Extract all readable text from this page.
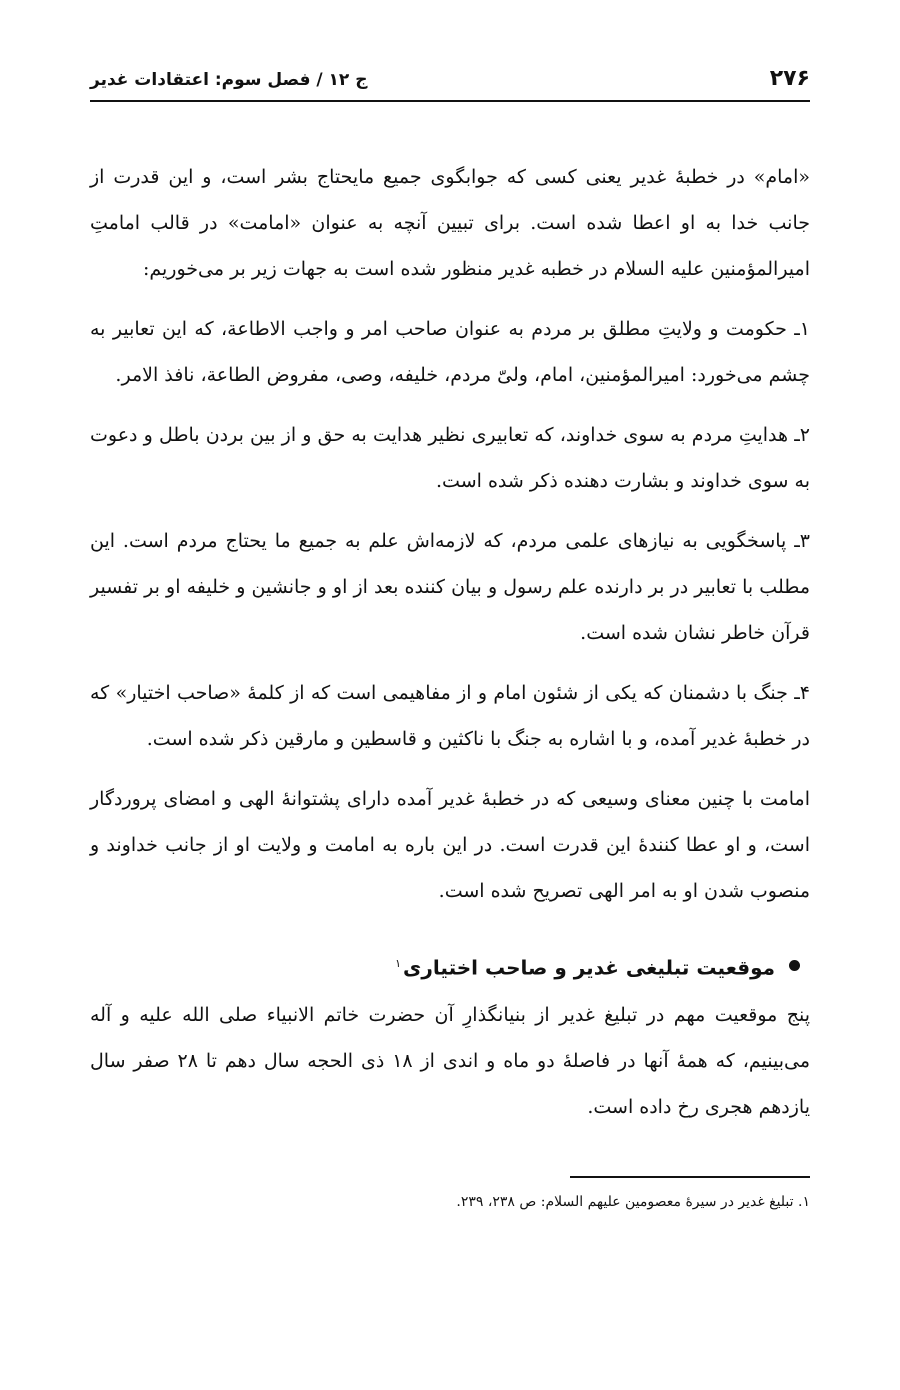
۲۷۶
ج ۱۲ / فصل سوم: اعتقادات غدیر

«امام» در خطبهٔ غدیر یعنی کسی که جوابگوی جمیع مایحتاج بشر است، و این قدرت از جانب خدا به او اعطا شده است. برای تبیین آنچه به عنوان «امامت» در قالب امامتِ امیرالمؤمنین علیه السلام در خطبه غدیر منظور شده است به جهات زیر بر می‌خوریم:

۱ـ حکومت و ولایتِ مطلق بر مردم به عنوان صاحب امر و واجب الاطاعة، که این تعابیر به چشم می‌خورد: امیرالمؤمنین، امام، ولیّ مردم، خلیفه، وصی، مفروض الطاعة، نافذ الامر.

۲ـ هدایتِ مردم به سوی خداوند، که تعابیری نظیر هدایت به حق و از بین بردن باطل و دعوت به سوی خداوند و بشارت دهنده ذکر شده است.

۳ـ پاسخگویی به نیازهای علمی مردم، که لازمه‌اش علم به جمیع ما یحتاج مردم است. این مطلب با تعابیر در بر دارنده علم رسول و بیان کننده بعد از او و جانشین و خلیفه او بر تفسیر قرآن خاطر نشان شده است.

۴ـ جنگ با دشمنان که یکی از شئون امام و از مفاهیمی است که از کلمهٔ «صاحب اختیار» که در خطبهٔ غدیر آمده، و با اشاره به جنگ با ناکثین و قاسطین و مارقین ذکر شده است.

امامت با چنین معنای وسیعی که در خطبهٔ غدیر آمده دارای پشتوانهٔ الهی و امضای پروردگار است، و او عطا کنندهٔ این قدرت است. در این باره به امامت و ولایت او از جانب خداوند و منصوب شدن او به امر الهی تصریح شده است.

موقعیت تبلیغی غدیر و صاحب اختیاری$^۱$

پنج موقعیت مهم در تبلیغ غدیر از بنیانگذارِ آن حضرت خاتم الانبیاء صلی الله علیه و آله می‌بینیم، که همهٔ آنها در فاصلهٔ دو ماه و اندی از ۱۸ ذی الحجه سال دهم تا ۲۸ صفر سال یازدهم هجری رخ داده است.

۱. تبلیغ غدیر در سیرهٔ معصومین علیهم السلام: ص ۲۳۸، ۲۳۹.
